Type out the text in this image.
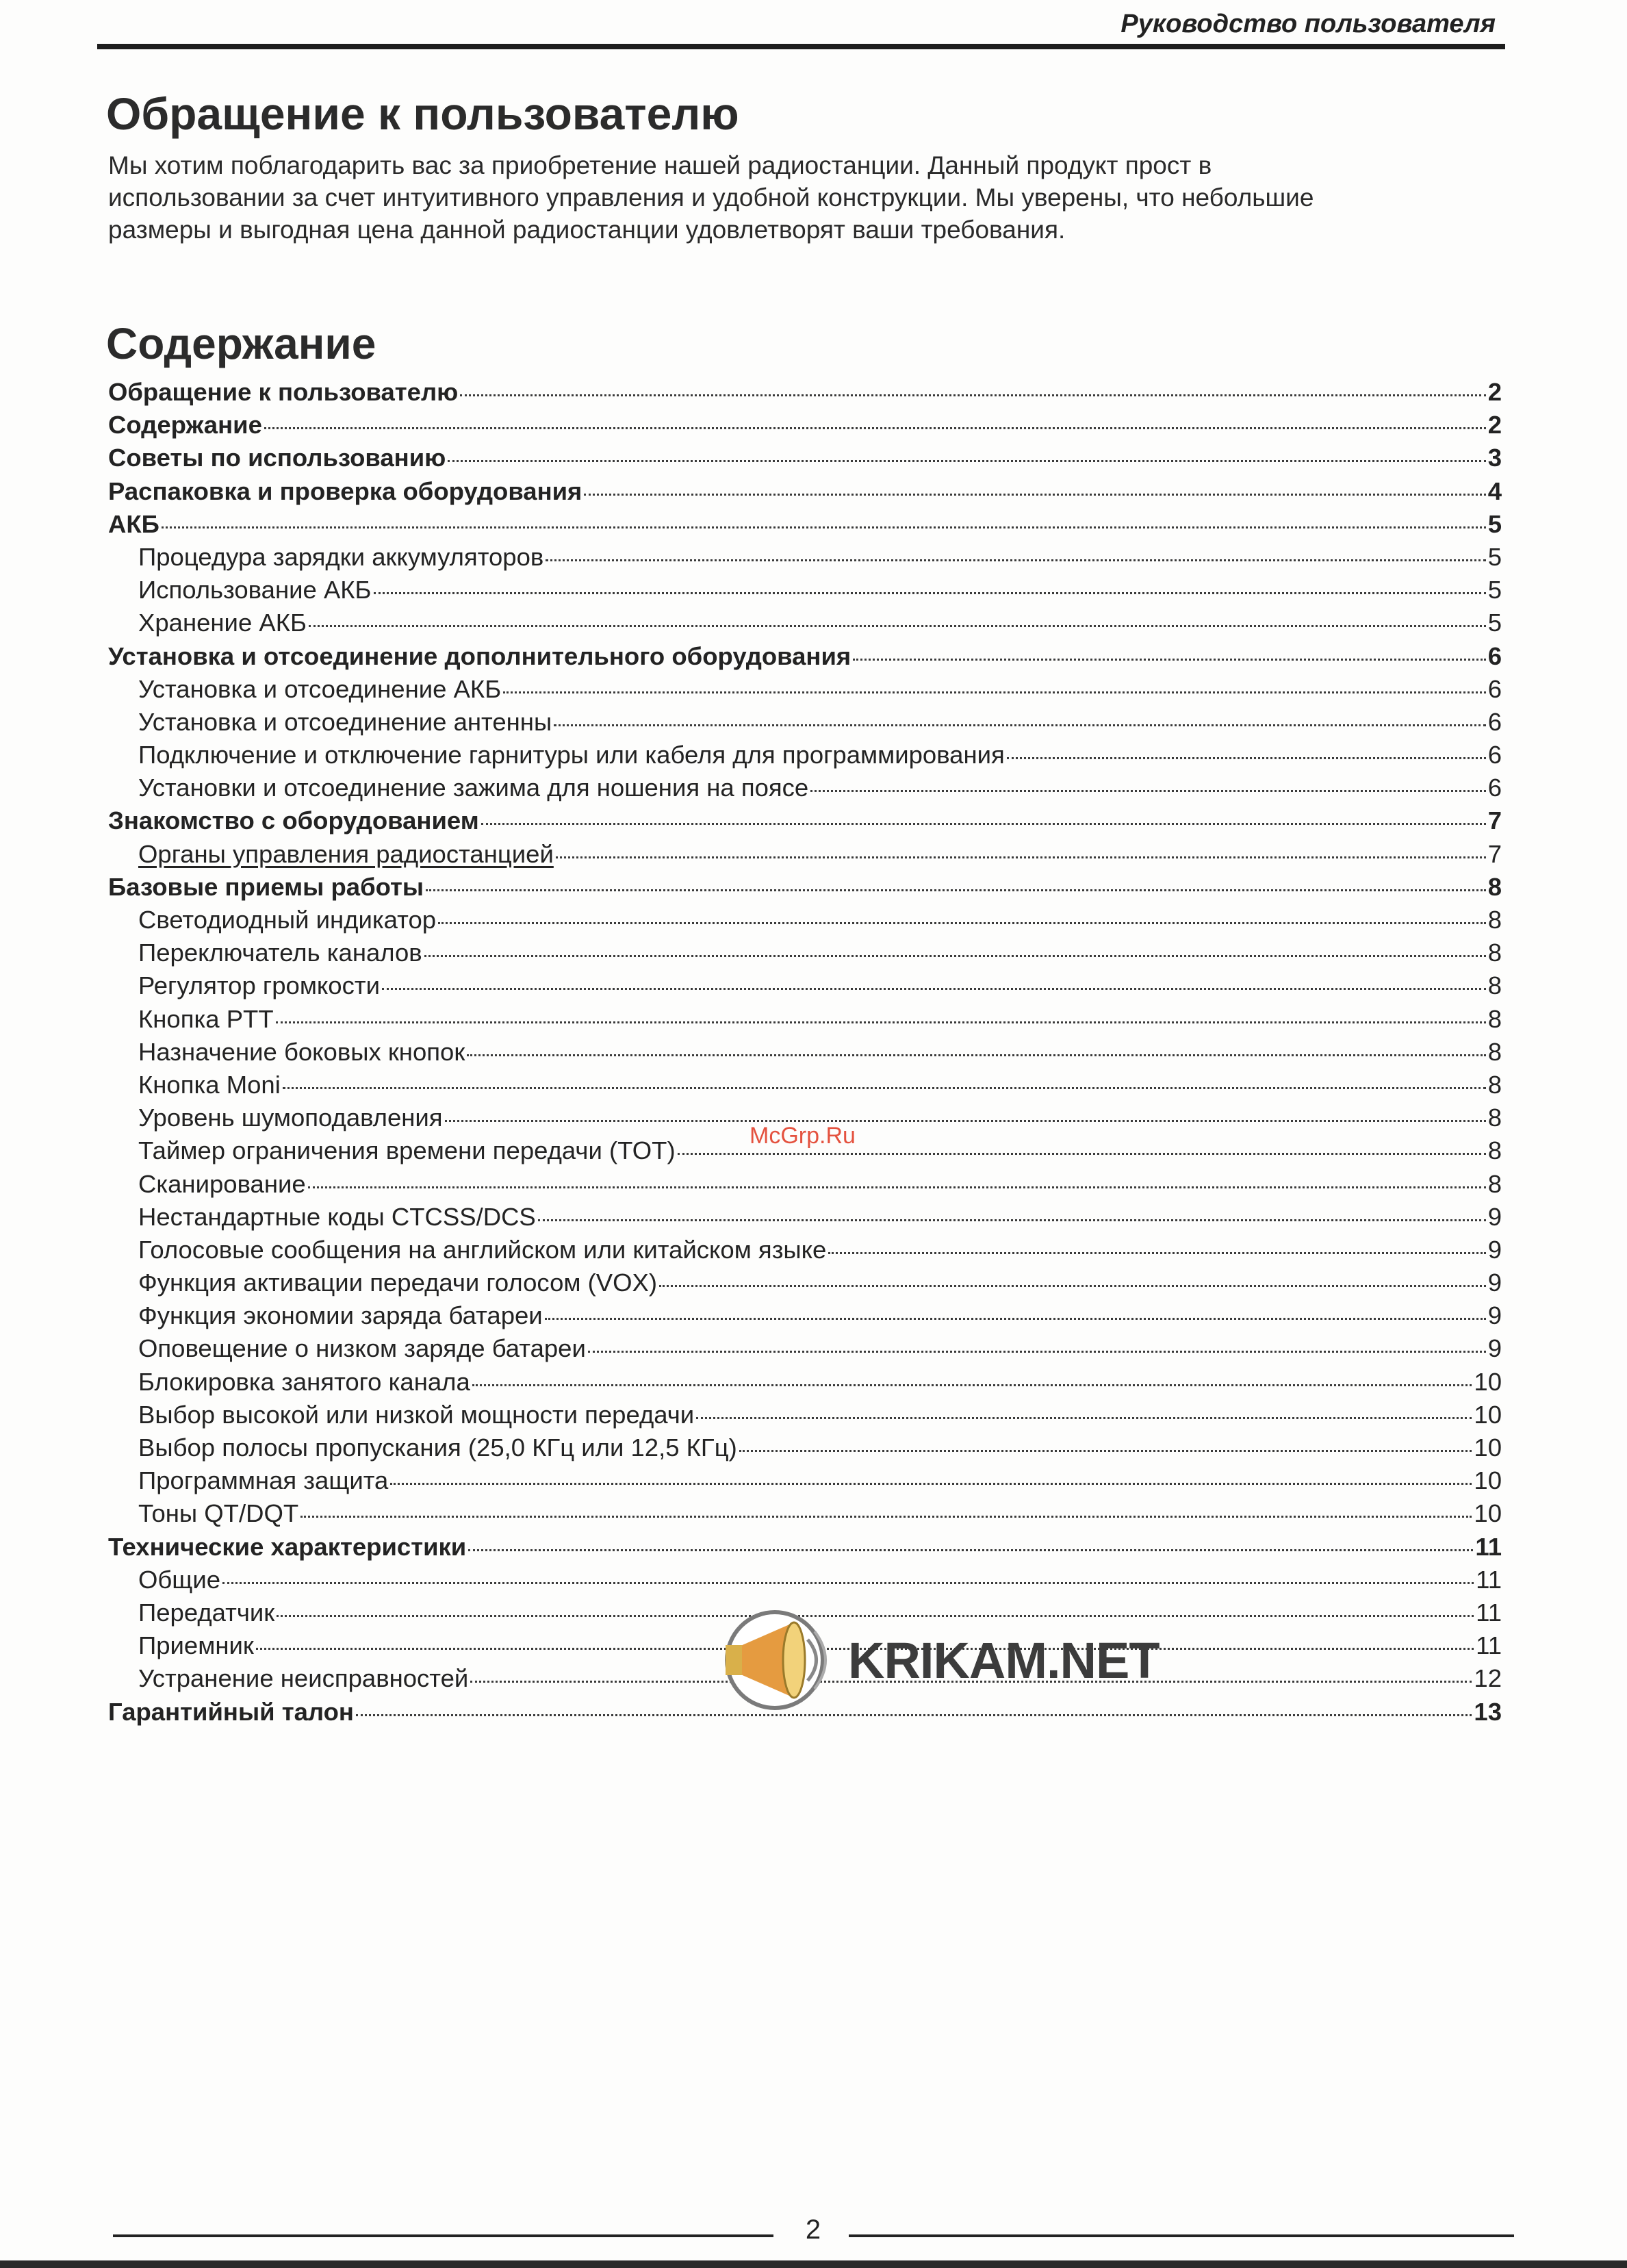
Руководство пользователя
Обращение к пользователю
Мы хотим поблагодарить вас за приобретение нашей радиостанции. Данный продукт прост в
использовании за счет интуитивного управления и удобной конструкции. Мы уверены, что небольшие
размеры и выгодная цена данной радиостанции удовлетворят ваши требования.
Содержание
Обращение к пользователю	2
Содержание	2
Советы по использованию	3
Распаковка и проверка оборудования	4
АКБ	5
Процедура зарядки аккумуляторов	5
Использование АКБ	5
Хранение АКБ	5
Установка и отсоединение дополнительного оборудования	6
Установка и отсоединение АКБ	6
Установка и отсоединение антенны	6
Подключение и отключение гарнитуры или кабеля для программирования	6
Установки и отсоединение зажима для ношения на поясе	6
Знакомство с оборудованием	7
Органы управления радиостанцией	7
Базовые приемы работы	8
Светодиодный индикатор	8
Переключатель каналов	8
Регулятор громкости	8
Кнопка PTT	8
Назначение боковых кнопок	8
Кнопка Moni	8
Уровень шумоподавления	8
Таймер ограничения времени передачи (TOT)	8
Сканирование	8
Нестандартные коды CTCSS/DCS	9
Голосовые сообщения на английском или китайском языке	9
Функция активации передачи голосом (VOX)	9
Функция экономии заряда батареи	9
Оповещение о низком заряде батареи	9
Блокировка занятого канала	10
Выбор высокой или низкой мощности передачи	10
Выбор полосы пропускания (25,0 КГц или 12,5 КГц)	10
Программная защита	10
Тоны QT/DQT	10
Технические характеристики	11
Общие	11
Передатчик	11
Приемник	11
Устранение неисправностей	12
Гарантийный талон	13
McGrp.Ru
KRIKAM.NET
2
